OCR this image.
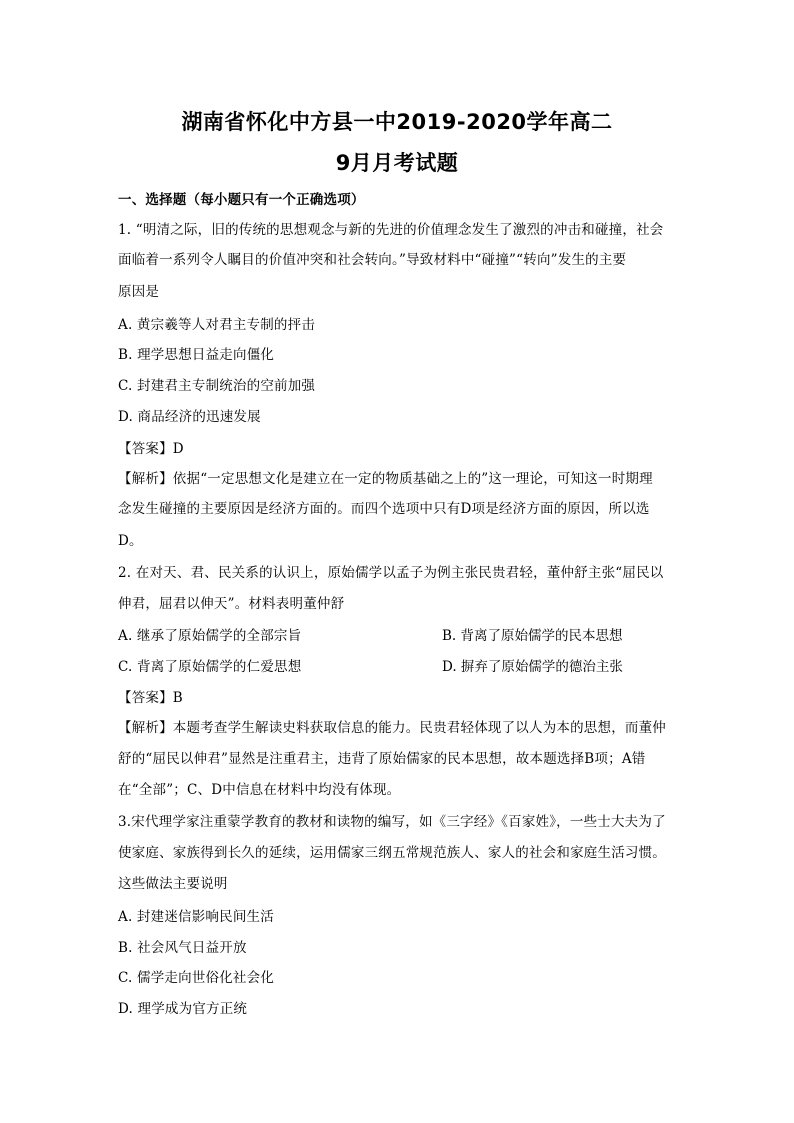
湖南省怀化中方县一中2019-2020学年高二
9月月考试题
一、选择题（每小题只有一个正确选项）
1. “明清之际，旧的传统的思想观念与新的先进的价值理念发生了激烈的冲击和碰撞，社会
面临着一系列令人瞩目的价值冲突和社会转向。”导致材料中“碰撞”“转向”发生的主要
原因是
A. 黄宗羲等人对君主专制的抨击
B. 理学思想日益走向僵化
C. 封建君主专制统治的空前加强
D. 商品经济的迅速发展
【答案】D
【解析】依据“一定思想文化是建立在一定的物质基础之上的”这一理论，可知这一时期理
念发生碰撞的主要原因是经济方面的。而四个选项中只有D项是经济方面的原因，所以选
D。
2. 在对天、君、民关系的认识上，原始儒学以孟子为例主张民贵君轻，董仲舒主张“屈民以
伸君，屈君以伸天”。材料表明董仲舒
A. 继承了原始儒学的全部宗旨	B. 背离了原始儒学的民本思想
C. 背离了原始儒学的仁爱思想	D. 摒弃了原始儒学的德治主张
【答案】B
【解析】本题考查学生解读史料获取信息的能力。民贵君轻体现了以人为本的思想，而董仲
舒的“屈民以伸君”显然是注重君主，违背了原始儒家的民本思想，故本题选择B项；A错
在“全部”；C、D中信息在材料中均没有体现。
3.宋代理学家注重蒙学教育的教材和读物的编写，如《三字经》《百家姓》，一些士大夫为了
使家庭、家族得到长久的延续，运用儒家三纲五常规范族人、家人的社会和家庭生活习惯。
这些做法主要说明
A. 封建迷信影响民间生活
B. 社会风气日益开放
C. 儒学走向世俗化社会化
D. 理学成为官方正统
